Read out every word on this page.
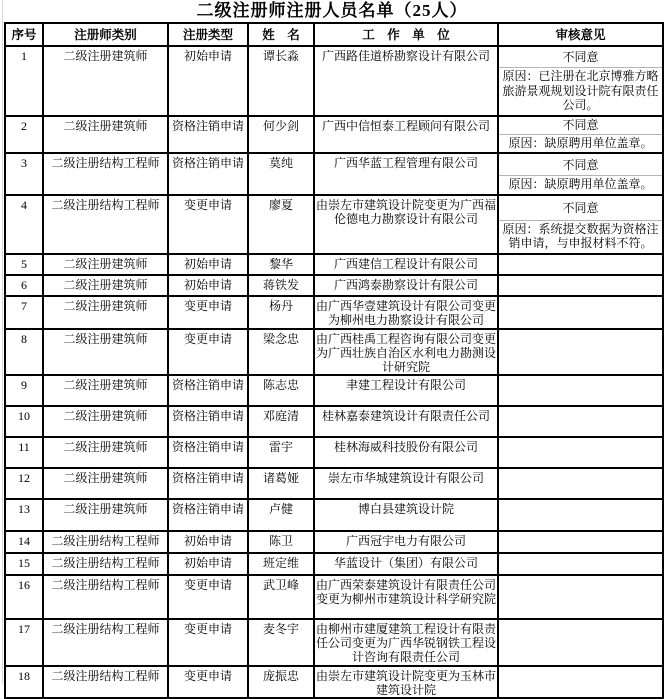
二级注册师注册人员名单（25人）
序号	注册师类别	注册类型	姓　名	工　作　单　位	审核意见
1	二级注册建筑师	初始申请	谭长淼	广西路佳道桥勘察设计有限公司	不同意
原因：已注册在北京博雅方略旅游景观规划设计院有限责任公司。

2	二级注册建筑师	资格注销申请	何少剑	广西中信恒泰工程顾问有限公司	不同意
原因：缺原聘用单位盖章。

3	二级注册结构工程师	资格注销申请	莫纯	广西华蓝工程管理有限公司	不同意
原因：缺原聘用单位盖章。

4	二级注册结构工程师	变更申请	廖夏	由崇左市建筑设计院变更为广西福伦德电力勘察设计有限公司	不同意
原因：系统提交数据为资格注销申请，与申报材料不符。

5	二级注册建筑师	初始申请	黎华	广西建信工程设计有限公司	
6	二级注册建筑师	初始申请	蒋铁发	广西鸿泰勘察设计有限公司	
7	二级注册建筑师	变更申请	杨丹	由广西华壹建筑设计有限公司变更为柳州电力勘察设计有限公司	
8	二级注册建筑师	变更申请	梁念忠	由广西桂禹工程咨询有限公司变更为广西壮族自治区水利电力勘测设计研究院	
9	二级注册建筑师	资格注销申请	陈志忠	聿建工程设计有限公司	
10	二级注册建筑师	资格注销申请	邓庭清	桂林嘉泰建筑设计有限责任公司	
11	二级注册建筑师	资格注销申请	雷宇	桂林海威科技股份有限公司	
12	二级注册建筑师	资格注销申请	诸葛娅	崇左市华城建筑设计有限公司	
13	二级注册建筑师	资格注销申请	卢健	博白县建筑设计院	
14	二级注册结构工程师	初始申请	陈卫	广西冠宇电力有限公司	
15	二级注册结构工程师	初始申请	班定维	华蓝设计（集团）有限公司	
16	二级注册结构工程师	变更申请	武卫峰	由广西荣泰建筑设计有限责任公司变更为柳州市建筑设计科学研究院	
17	二级注册结构工程师	变更申请	麦冬宇	由柳州市建厦建筑工程设计有限责任公司变更为广西华锐钢铁工程设计咨询有限责任公司	
18	二级注册结构工程师	变更申请	庞振忠	由崇左市建筑设计院变更为玉林市建筑设计院	
